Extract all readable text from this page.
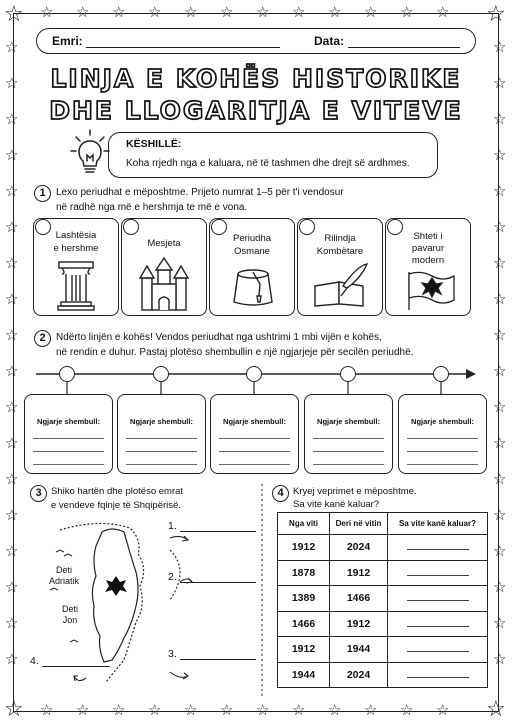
☆	☆
☆	☆
☆
☆
☆
☆
☆
☆
☆
☆
☆
☆
☆
☆
☆
☆
☆
☆
☆
☆
☆
☆
☆
☆
☆
☆
☆	☆
☆	☆
☆	☆
☆	☆
☆	☆
☆	☆
☆	☆
☆	☆
☆	☆
☆	☆
☆	☆
☆	☆
☆	☆
☆	☆
☆	☆
☆	☆
☆	☆
☆	☆
Emri:	Data:
LINJA E KOHËS HISTORIKE
DHE LLOGARITJA E VITEVE
KËSHILLË:
Koha rrjedh nga e kaluara, në të tashmen dhe drejt së ardhmes.
1	Lexo periudhat e mëposhtme. Prijeto numrat 1–5 për t'i vendosur
në radhë nga më e hershmja te më e vona.
Lashtësia
e hershme	Mesjeta	Periudha
Osmane
Rilindja
Kombëtare
Shteti i
pavarur
modern
2	Ndërto linjën e kohës! Vendos periudhat nga ushtrimi 1 mbi vijën e kohës,
në rendin e duhur. Pastaj plotëso shembullin e një ngjarjeje për secilën periudhë.
Ngjarje shembull:	Ngjarje shembull:	Ngjarje shembull:	Ngjarje shembull:	Ngjarje shembull:
3 Shiko hartën dhe plotëso emrat
e vendeve fqinje të Shqipërisë.
Deti
Adriatik
Deti
Jon
1.
2.
3.
4.
4 Kryej veprimet e mëposhtme.
Sa vite kanë kaluar?
Nga viti	Deri në vitin	Sa vite kanë kaluar?
1912	2024	
1878	1912	
1389	1466	
1466	1912	
1912	1944	
1944	2024	
